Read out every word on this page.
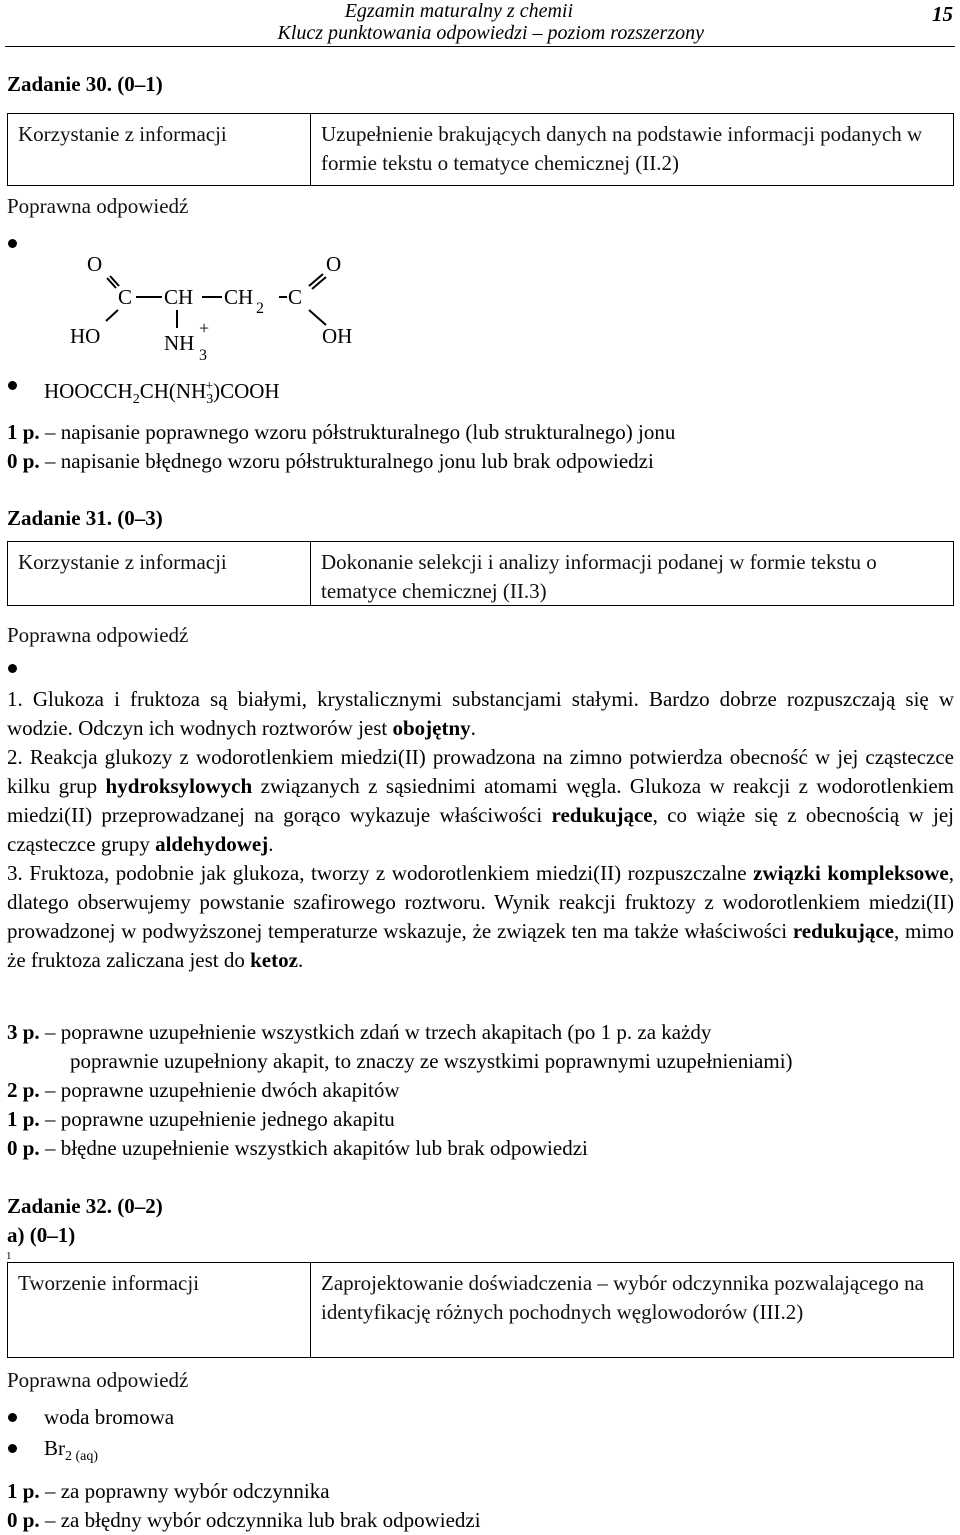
Egzamin maturalny z chemii
Klucz punktowania odpowiedzi – poziom rozszerzony
15
Zadanie 30. (0–1)
Korzystanie z informacji	Uzupełnienie brakujących danych na podstawie informacji podanych w formie tekstu o tematyce chemicznej (II.2)
Poprawna odpowiedź
O
C CH CH 2 C
O
HO	NH
3
+	OH
$HOOCCH_2CH(NH_3^+)COOH$
1 p. – napisanie poprawnego wzoru półstrukturalnego (lub strukturalnego) jonu
0 p. – napisanie błędnego wzoru półstrukturalnego jonu lub brak odpowiedzi
Zadanie 31. (0–3)
Korzystanie z informacji	Dokonanie selekcji i analizy informacji podanej w formie tekstu o tematyce chemicznej (II.3)
Poprawna odpowiedź
1. Glukoza i fruktoza są białymi, krystalicznymi substancjami stałymi. Bardzo dobrze rozpuszczają się w wodzie. Odczyn ich wodnych roztworów jest obojętny.
2. Reakcja glukozy z wodorotlenkiem miedzi(II) prowadzona na zimno potwierdza obecność w jej cząsteczce kilku grup hydroksylowych związanych z sąsiednimi atomami węgla. Glukoza w reakcji z wodorotlenkiem miedzi(II) przeprowadzanej na gorąco wykazuje właściwości redukujące, co wiąże się z obecnością w jej cząsteczce grupy aldehydowej.
3. Fruktoza, podobnie jak glukoza, tworzy z wodorotlenkiem miedzi(II) rozpuszczalne związki kompleksowe, dlatego obserwujemy powstanie szafirowego roztworu. Wynik reakcji fruktozy z wodorotlenkiem miedzi(II) prowadzonej w podwyższonej temperaturze wskazuje, że związek ten ma także właściwości redukujące, mimo że fruktoza zaliczana jest do ketoz.
3 p. – poprawne uzupełnienie wszystkich zdań w trzech akapitach (po 1 p. za każdy
poprawnie uzupełniony akapit, to znaczy ze wszystkimi poprawnymi uzupełnieniami)
2 p. – poprawne uzupełnienie dwóch akapitów
1 p. – poprawne uzupełnienie jednego akapitu
0 p. – błędne uzupełnienie wszystkich akapitów lub brak odpowiedzi
Zadanie 32. (0–2)
a) (0–1)
1
Tworzenie informacji	Zaprojektowanie doświadczenia – wybór odczynnika pozwalającego na identyfikację różnych pochodnych węglowodorów (III.2)
Poprawna odpowiedź
woda bromowa
$Br_{2 (aq)}$
1 p. – za poprawny wybór odczynnika
0 p. – za błędny wybór odczynnika lub brak odpowiedzi
